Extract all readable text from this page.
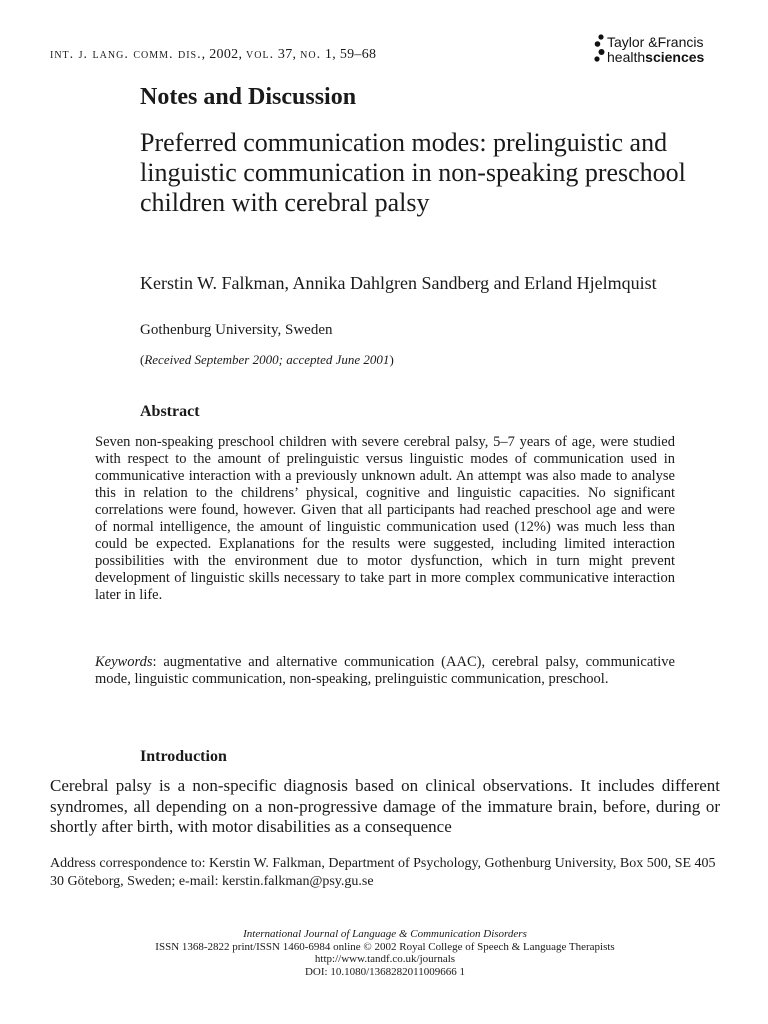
int. j. lang. comm. dis., 2002, vol. 37, no. 1, 59–68
Taylor &Francis
healthsciences
Notes and Discussion
Preferred communication modes: prelinguistic and linguistic communication in non-speaking preschool children with cerebral palsy
Kerstin W. Falkman, Annika Dahlgren Sandberg and Erland Hjelmquist
Gothenburg University, Sweden
(Received September 2000; accepted June 2001)
Abstract
Seven non-speaking preschool children with severe cerebral palsy, 5–7 years of age, were studied with respect to the amount of prelinguistic versus linguistic modes of communication used in communicative interaction with a previously unknown adult. An attempt was also made to analyse this in relation to the childrens’ physical, cognitive and linguistic capacities. No significant correlations were found, however. Given that all participants had reached preschool age and were of normal intelligence, the amount of linguistic communication used (12%) was much less than could be expected. Explanations for the results were suggested, including limited interaction possibilities with the environment due to motor dysfunction, which in turn might prevent development of linguistic skills necessary to take part in more complex communicative interaction later in life.
Keywords: augmentative and alternative communication (AAC), cerebral palsy, communicative mode, linguistic communication, non-speaking, prelinguistic communication, preschool.
Introduction
Cerebral palsy is a non-specific diagnosis based on clinical observations. It includes different syndromes, all depending on a non-progressive damage of the immature brain, before, during or shortly after birth, with motor disabilities as a consequence
Address correspondence to: Kerstin W. Falkman, Department of Psychology, Gothenburg University, Box 500, SE 405 30 Göteborg, Sweden; e-mail: kerstin.falkman@psy.gu.se
International Journal of Language & Communication Disorders
ISSN 1368-2822 print/ISSN 1460-6984 online © 2002 Royal College of Speech & Language Therapists
http://www.tandf.co.uk/journals
DOI: 10.1080/1368282011009666 1
